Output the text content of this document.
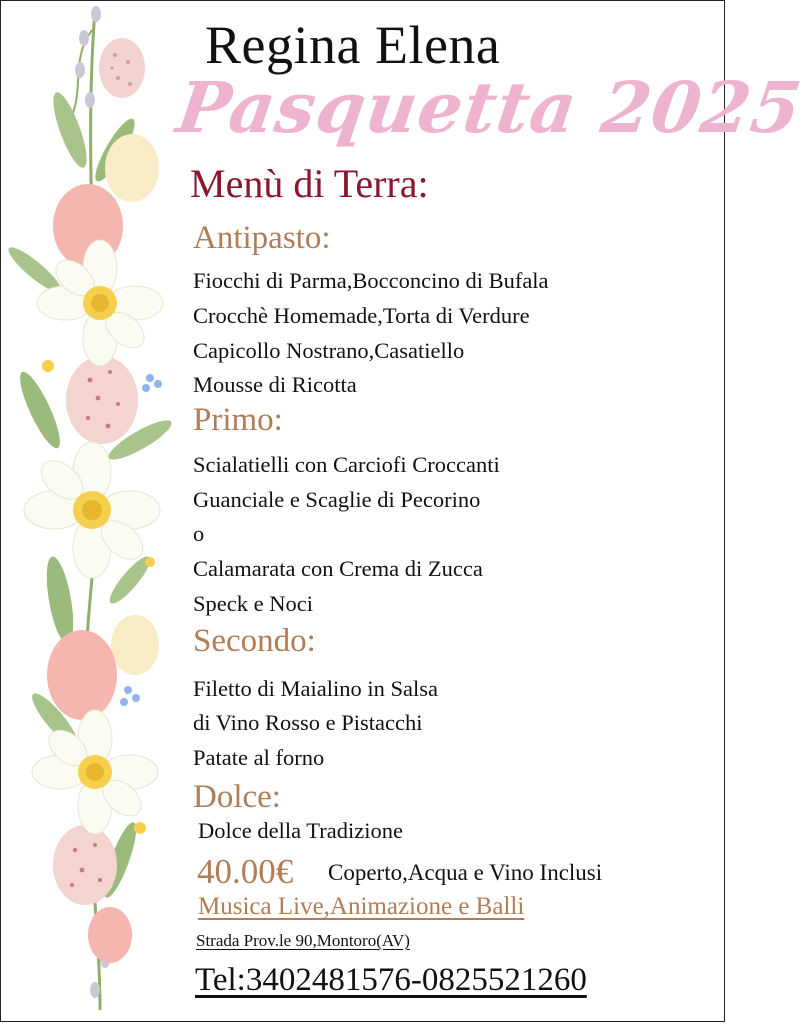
Regina Elena
Pasquetta 2025
Menù di Terra:
Antipasto:
Fiocchi di Parma,Bocconcino di Bufala
Crocchè Homemade,Torta di Verdure
Capicollo Nostrano,Casatiello
Mousse di Ricotta
Primo:
Scialatielli con Carciofi Croccanti
Guanciale e Scaglie di Pecorino
o
Calamarata con Crema di Zucca
Speck e Noci
Secondo:
Filetto di Maialino in Salsa
di Vino Rosso e Pistacchi
Patate al forno
Dolce:
Dolce della Tradizione
40.00€ Coperto,Acqua e Vino Inclusi
Musica Live,Animazione e Balli
Strada Prov.le 90,Montoro(AV)
Tel:3402481576-0825521260
